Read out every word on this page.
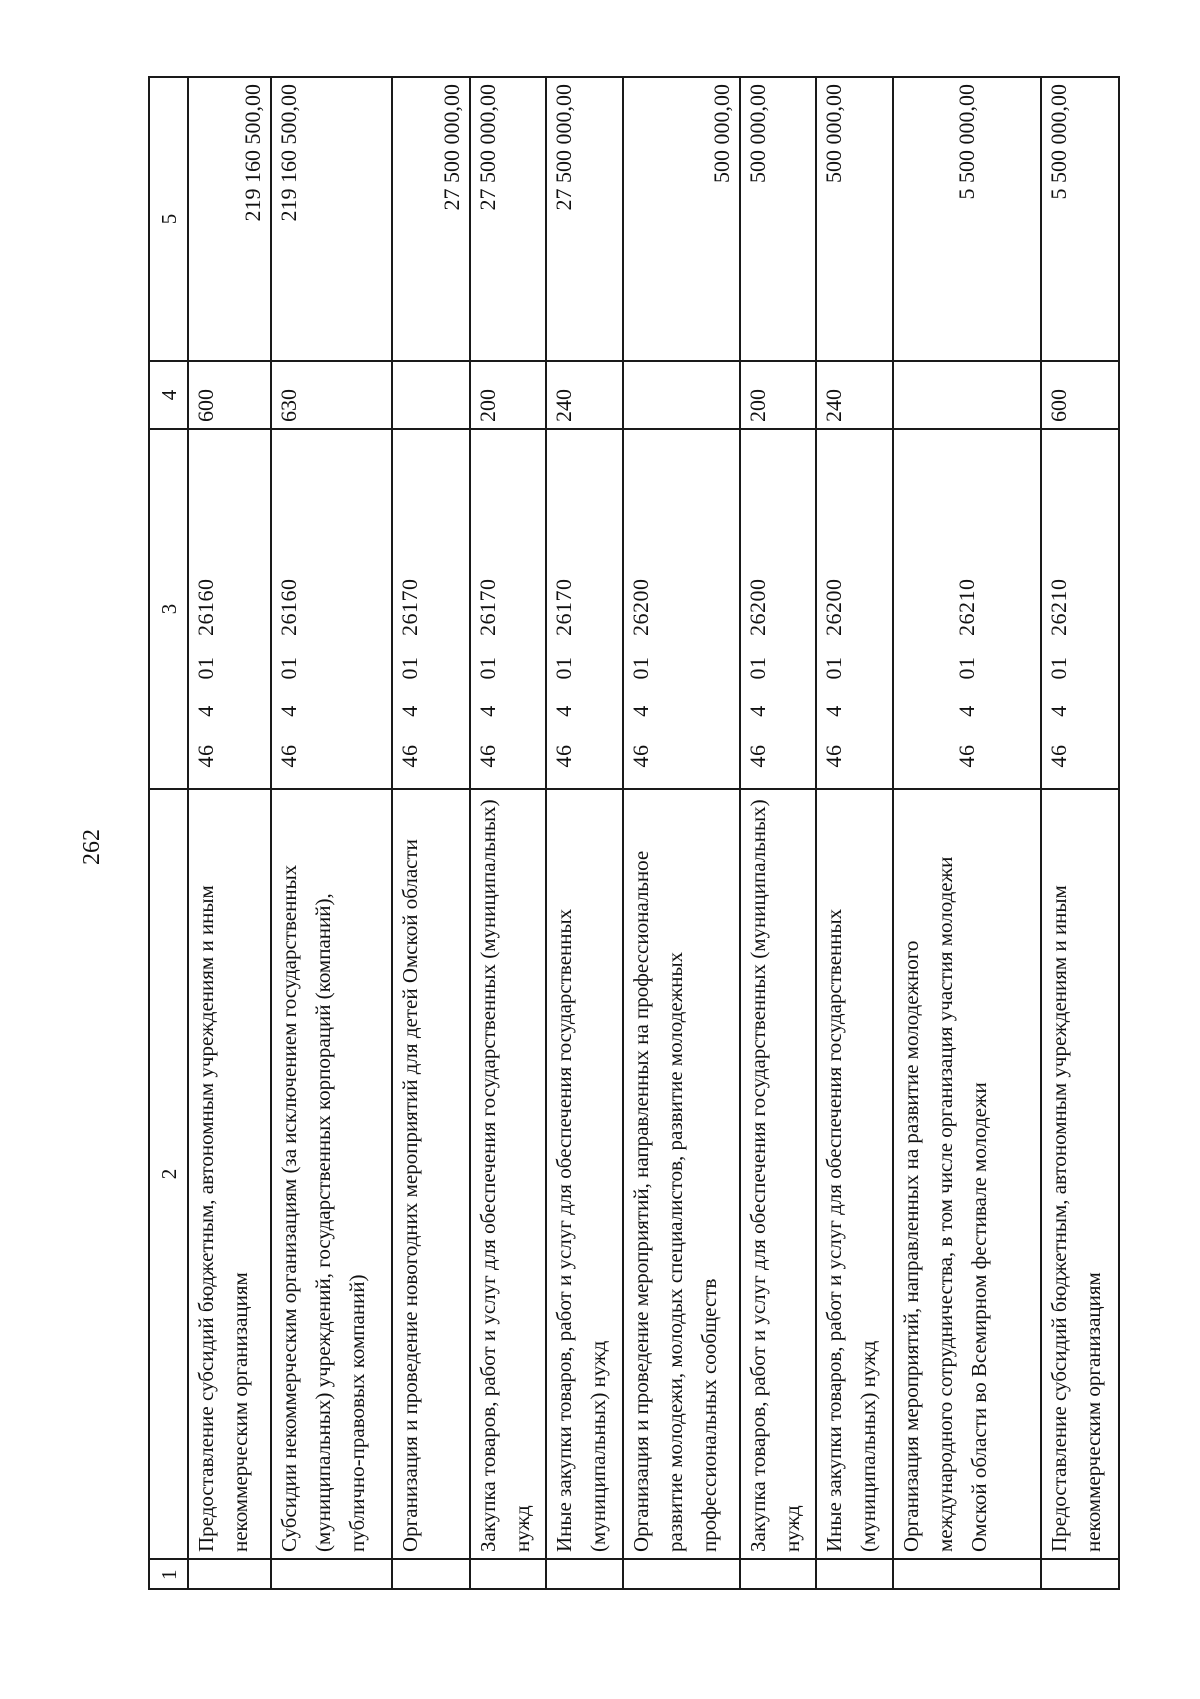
262
1	2	3	4	5
	Предоставление субсидий бюджетным, автономным учреждениям и иным некоммерческим организациям	4640126160	600	219 160 500,00
	Субсидии некоммерческим организациям (за исключением государственных (муниципальных) учреждений, государственных корпораций (компаний), публично-правовых компаний)	4640126160	630	219 160 500,00
	Организация и проведение новогодних мероприятий для детей Омской области	4640126170		27 500 000,00
	Закупка товаров, работ и услуг для обеспечения государственных (муниципальных) нужд	4640126170	200	27 500 000,00
	Иные закупки товаров, работ и услуг для обеспечения государственных (муниципальных) нужд	4640126170	240	27 500 000,00
	Организация и проведение мероприятий, направленных на профессиональное развитие молодежи, молодых специалистов, развитие молодежных профессиональных сообществ	4640126200		500 000,00
	Закупка товаров, работ и услуг для обеспечения государственных (муниципальных) нужд	4640126200	200	500 000,00
	Иные закупки товаров, работ и услуг для обеспечения государственных (муниципальных) нужд	4640126200	240	500 000,00
	Организация мероприятий, направленных на развитие молодежного международного сотрудничества, в том числе организация участия молодежи Омской области во Всемирном фестивале молодежи	4640126210		5 500 000,00
	Предоставление субсидий бюджетным, автономным учреждениям и иным некоммерческим организациям	4640126210	600	5 500 000,00
